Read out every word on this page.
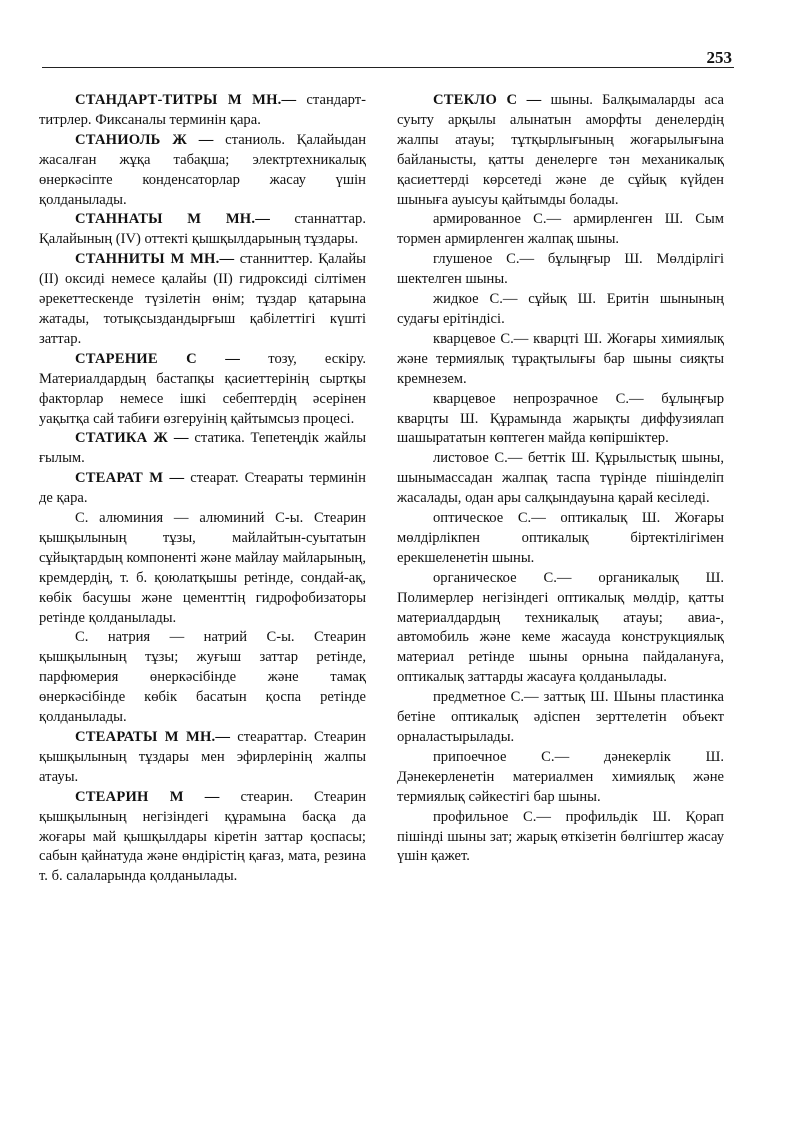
253

СТАНДАРТ-ТИТРЫ М МН.— стандарт-титрлер. Фиксаналы терминін қара.

СТАНИОЛЬ Ж — станиоль. Қалайыдан жасалған жұқа табақша; электртехникалық өнеркәсіпте конденсаторлар жасау үшін қолданылады.

СТАННАТЫ М МН.— станнаттар. Қалайының (IV) оттекті қышқылдарының тұздары.

СТАННИТЫ М МН.— станниттер. Қалайы (II) оксиді немесе қалайы (II) гидроксиді сілтімен әрекеттескенде түзілетін өнім; тұздар қатарына жатады, тотықсыздандырғыш қабілеттігі күшті заттар.

СТАРЕНИЕ С — тозу, ескіру. Материалдардың бастапқы қасиеттерінің сыртқы факторлар немесе ішкі себептердің әсерінен уақытқа сай табиғи өзгеруінің қайтымсыз процесі.

СТАТИКА Ж — статика. Тепетеңдік жайлы ғылым.

СТЕАРАТ М — стеарат. Стеараты терминін де қара.

С. алюминия — алюминий С-ы. Стеарин қышқылының тұзы, майлайтын-суытатын сұйықтардың компоненті және майлау майларының, кремдердің, т. б. қоюлатқышы ретінде, сондай-ақ, көбік басушы және цементтің гидрофобизаторы ретінде қолданылады.

С. натрия — натрий С-ы. Стеарин қышқылының тұзы; жуғыш заттар ретінде, парфюмерия өнеркәсібінде және тамақ өнеркәсібінде көбік басатын қоспа ретінде қолданылады.

СТЕАРАТЫ М МН.— стеараттар. Стеарин қышқылының тұздары мен эфирлерінің жалпы атауы.

СТЕАРИН М — стеарин. Стеарин қышқылының негізіндегі құрамына басқа да жоғары май қышқылдары кіретін заттар қоспасы; сабын қайнатуда және өндірістің қағаз, мата, резина т. б. салаларында қолданылады.

СТЕКЛО С — шыны. Балқымаларды аса суыту арқылы алынатын аморфты денелердің жалпы атауы; тұтқырлығының жоғарылығына байланысты, қатты денелерге тән механикалық қасиеттерді көрсетеді және де сұйық күйден шыныға ауысуы қайтымды болады.

армированное С.— армирленген Ш. Сым тормен армирленген жалпақ шыны.

глушеное С.— бұлыңғыр Ш. Мөлдірлігі шектелген шыны.

жидкое С.— сұйық Ш. Еритін шынының судағы ерітіндісі.

кварцевое С.— кварцті Ш. Жоғары химиялық және термиялық тұрақтылығы бар шыны сияқты кремнезем.

кварцевое непрозрачное С.— бұлыңғыр кварцты Ш. Құрамында жарықты диффузиялап шашырататын көптеген майда көпіршіктер.

листовое С.— беттік Ш. Құрылыстық шыны, шынымассадан жалпақ таспа түрінде пішінделіп жасалады, одан ары салқындауына қарай кесіледі.

оптическое С.— оптикалық Ш. Жоғары мөлдірлікпен оптикалық біртектілігімен ерекшеленетін шыны.

органическое С.— органикалық Ш. Полимерлер негізіндегі оптикалық мөлдір, қатты материалдардың техникалық атауы; авиа-, автомобиль және кеме жасауда конструкциялық материал ретінде шыны орнына пайдалануға, оптикалық заттарды жасауға қолданылады.

предметное С.— заттық Ш. Шыны пластинка бетіне оптикалық әдіспен зерттелетін объект орналастырылады.

припоечное С.— дәнекерлік Ш. Дәнекерленетін материалмен химиялық және термиялық сәйкестігі бар шыны.

профильное С.— профильдік Ш. Қорап пішінді шыны зат; жарық өткізетін бөлгіштер жасау үшін қажет.
